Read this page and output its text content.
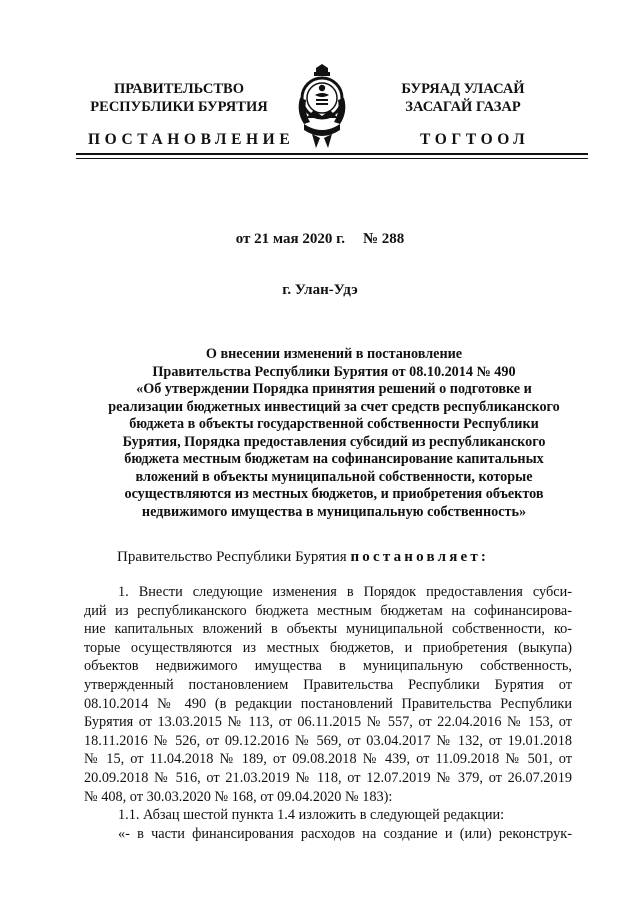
ПРАВИТЕЛЬСТВО
РЕСПУБЛИКИ БУРЯТИЯ
БУРЯАД УЛАСАЙ
ЗАСАГАЙ ГАЗАР
ПОСТАНОВЛЕНИЕ	ТОГТООЛ
от 21 мая 2020 г. № 288
г. Улан-Удэ
О внесении изменений в постановление
Правительства Республики Бурятия от 08.10.2014 № 490
«Об утверждении Порядка принятия решений о подготовке и
реализации бюджетных инвестиций за счет средств республиканского
бюджета в объекты государственной собственности Республики
Бурятия, Порядка предоставления субсидий из республиканского
бюджета местным бюджетам на софинансирование капитальных
вложений в объекты муниципальной собственности, которые
осуществляются из местных бюджетов, и приобретения объектов
недвижимого имущества в муниципальную собственность»
Правительство Республики Бурятия постановляет:
1. Внести следующие изменения в Порядок предоставления субси-
дий из республиканского бюджета местным бюджетам на софинансирова-
ние капитальных вложений в объекты муниципальной собственности, ко-
торые осуществляются из местных бюджетов, и приобретения (выкупа)
объектов недвижимого имущества в муниципальную собственность,
утвержденный постановлением Правительства Республики Бурятия от
08.10.2014 № 490 (в редакции постановлений Правительства Республики
Бурятия от 13.03.2015 № 113, от 06.11.2015 № 557, от 22.04.2016 № 153, от
18.11.2016 № 526, от 09.12.2016 № 569, от 03.04.2017 № 132, от 19.01.2018
№ 15, от 11.04.2018 № 189, от 09.08.2018 № 439, от 11.09.2018 № 501, от
20.09.2018 № 516, от 21.03.2019 № 118, от 12.07.2019 № 379, от 26.07.2019
№ 408, от 30.03.2020 № 168, от 09.04.2020 № 183):
1.1. Абзац шестой пункта 1.4 изложить в следующей редакции:
«- в части финансирования расходов на создание и (или) реконструк-
